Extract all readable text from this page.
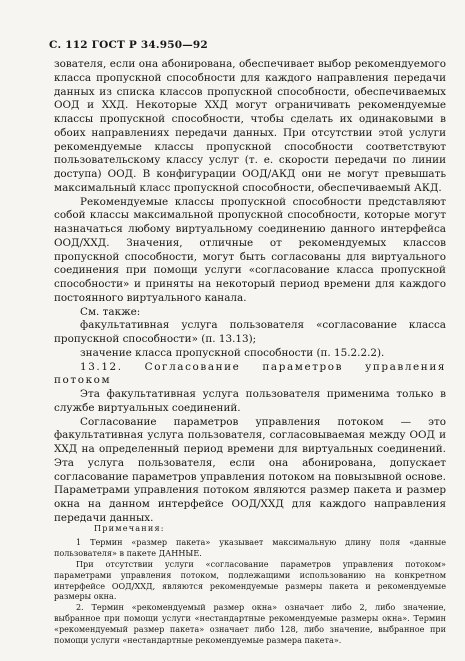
С. 112 ГОСТ Р 34.950—92

зователя, если она абонирована, обеспечивает выбор рекомендуемого класса пропускной способности для каждого направления передачи данных из списка классов пропускной способности, обеспечиваемых ООД и ХХД. Некоторые ХХД могут ограничивать рекомендуемые классы пропускной способности, чтобы сделать их одинаковыми в обоих направлениях передачи данных. При отсутствии этой услуги рекомендуемые классы пропускной способности соответствуют пользовательскому классу услуг (т. е. скорости передачи по линии доступа) ООД. В конфигурации ООД/АКД они не могут превышать максимальный класс пропускной способности, обеспечиваемый АКД.

Рекомендуемые классы пропускной способности представляют собой классы максимальной пропускной способности, которые могут назначаться любому виртуальному соединению данного интерфейса ООД/ХХД. Значения, отличные от рекомендуемых классов пропускной способности, могут быть согласованы для виртуального соединения при помощи услуги «согласование класса пропускной способности» и приняты на некоторый период времени для каждого постоянного виртуального канала.

См. также:

факультативная услуга пользователя «согласование класса пропускной способности» (п. 13.13);

значение класса пропускной способности (п. 15.2.2.2).

13.12. Согласование параметров управления потоком

Эта факультативная услуга пользователя применима только в службе виртуальных соединений.

Согласование параметров управления потоком — это факультативная услуга пользователя, согласовываемая между ООД и ХХД на определенный период времени для виртуальных соединений. Эта услуга пользователя, если она абонирована, допускает согласование параметров управления потоком на повызывной основе. Параметрами управления потоком являются размер пакета и размер окна на данном интерфейсе ООД/ХХД для каждого направления передачи данных.

Примечания:

1 Термин «размер пакета» указывает максимальную длину поля «данные пользователя» в пакете ДАННЫЕ.

При отсутствии услуги «согласование параметров управления потоком» параметрами управления потоком, подлежащими использованию на конкретном интерфейсе ООД/ХХД, являются рекомендуемые размеры пакета и рекомендуемые размеры окна.

2. Термин «рекомендуемый размер окна» означает либо 2, либо значение, выбранное при помощи услуги «нестандартные рекомендуемые размеры окна». Термин «рекомендуемый размер пакета» означает либо 128, либо значение, выбранное при помощи услуги «нестандартные рекомендуемые размера пакета».
